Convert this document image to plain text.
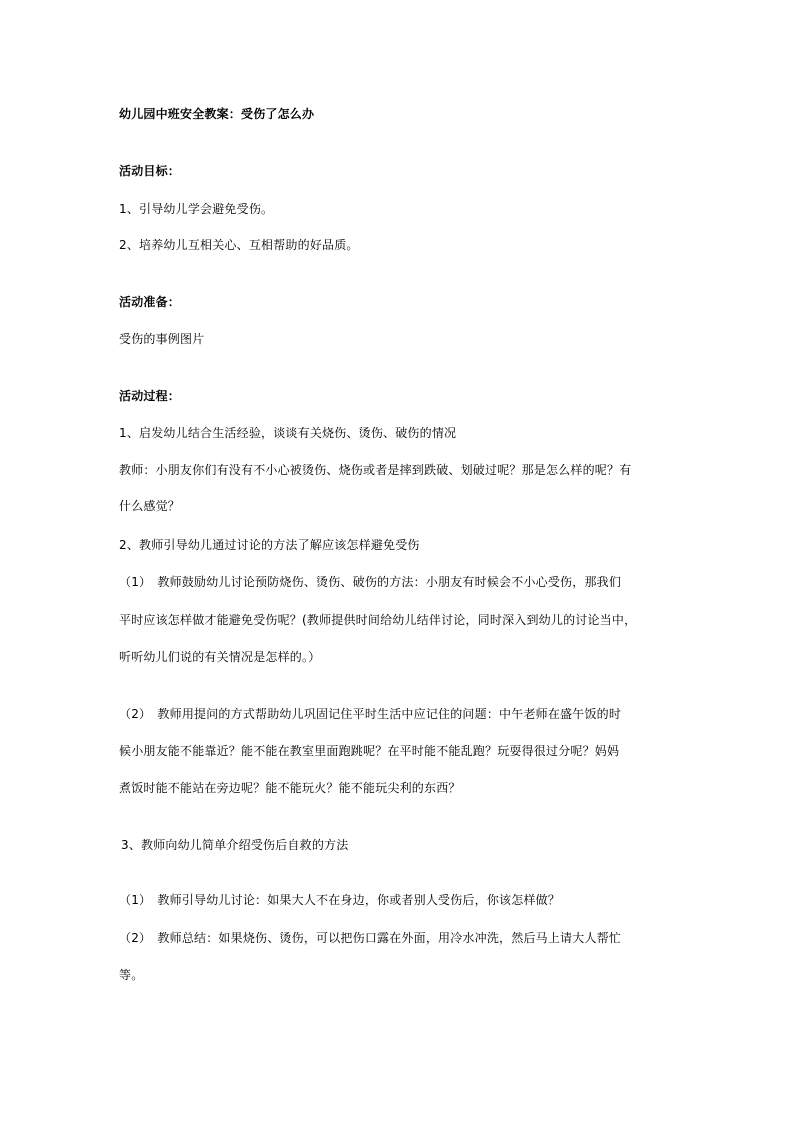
幼儿园中班安全教案：受伤了怎么办
活动目标：
1、引导幼儿学会避免受伤。
2、培养幼儿互相关心、互相帮助的好品质。
活动准备：
受伤的事例图片
活动过程：
1、启发幼儿结合生活经验，谈谈有关烧伤、烫伤、破伤的情况
教师：小朋友你们有没有不小心被烫伤、烧伤或者是摔到跌破、划破过呢？那是怎么样的呢？有
什么感觉？
2、教师引导幼儿通过讨论的方法了解应该怎样避免受伤
（1）　教师鼓励幼儿讨论预防烧伤、烫伤、破伤的方法：小朋友有时候会不小心受伤，那我们
平时应该怎样做才能避免受伤呢？(教师提供时间给幼儿结伴讨论，同时深入到幼儿的讨论当中，
听听幼儿们说的有关情况是怎样的。）
（2）　教师用提问的方式帮助幼儿巩固记住平时生活中应记住的问题：中午老师在盛午饭的时
候小朋友能不能靠近？能不能在教室里面跑跳呢？在平时能不能乱跑？玩耍得很过分呢？妈妈
煮饭时能不能站在旁边呢？能不能玩火？能不能玩尖利的东西？
3、教师向幼儿简单介绍受伤后自救的方法
（1）　教师引导幼儿讨论：如果大人不在身边，你或者别人受伤后，你该怎样做？
（2）　教师总结：如果烧伤、烫伤，可以把伤口露在外面，用冷水冲洗，然后马上请大人帮忙
等。
